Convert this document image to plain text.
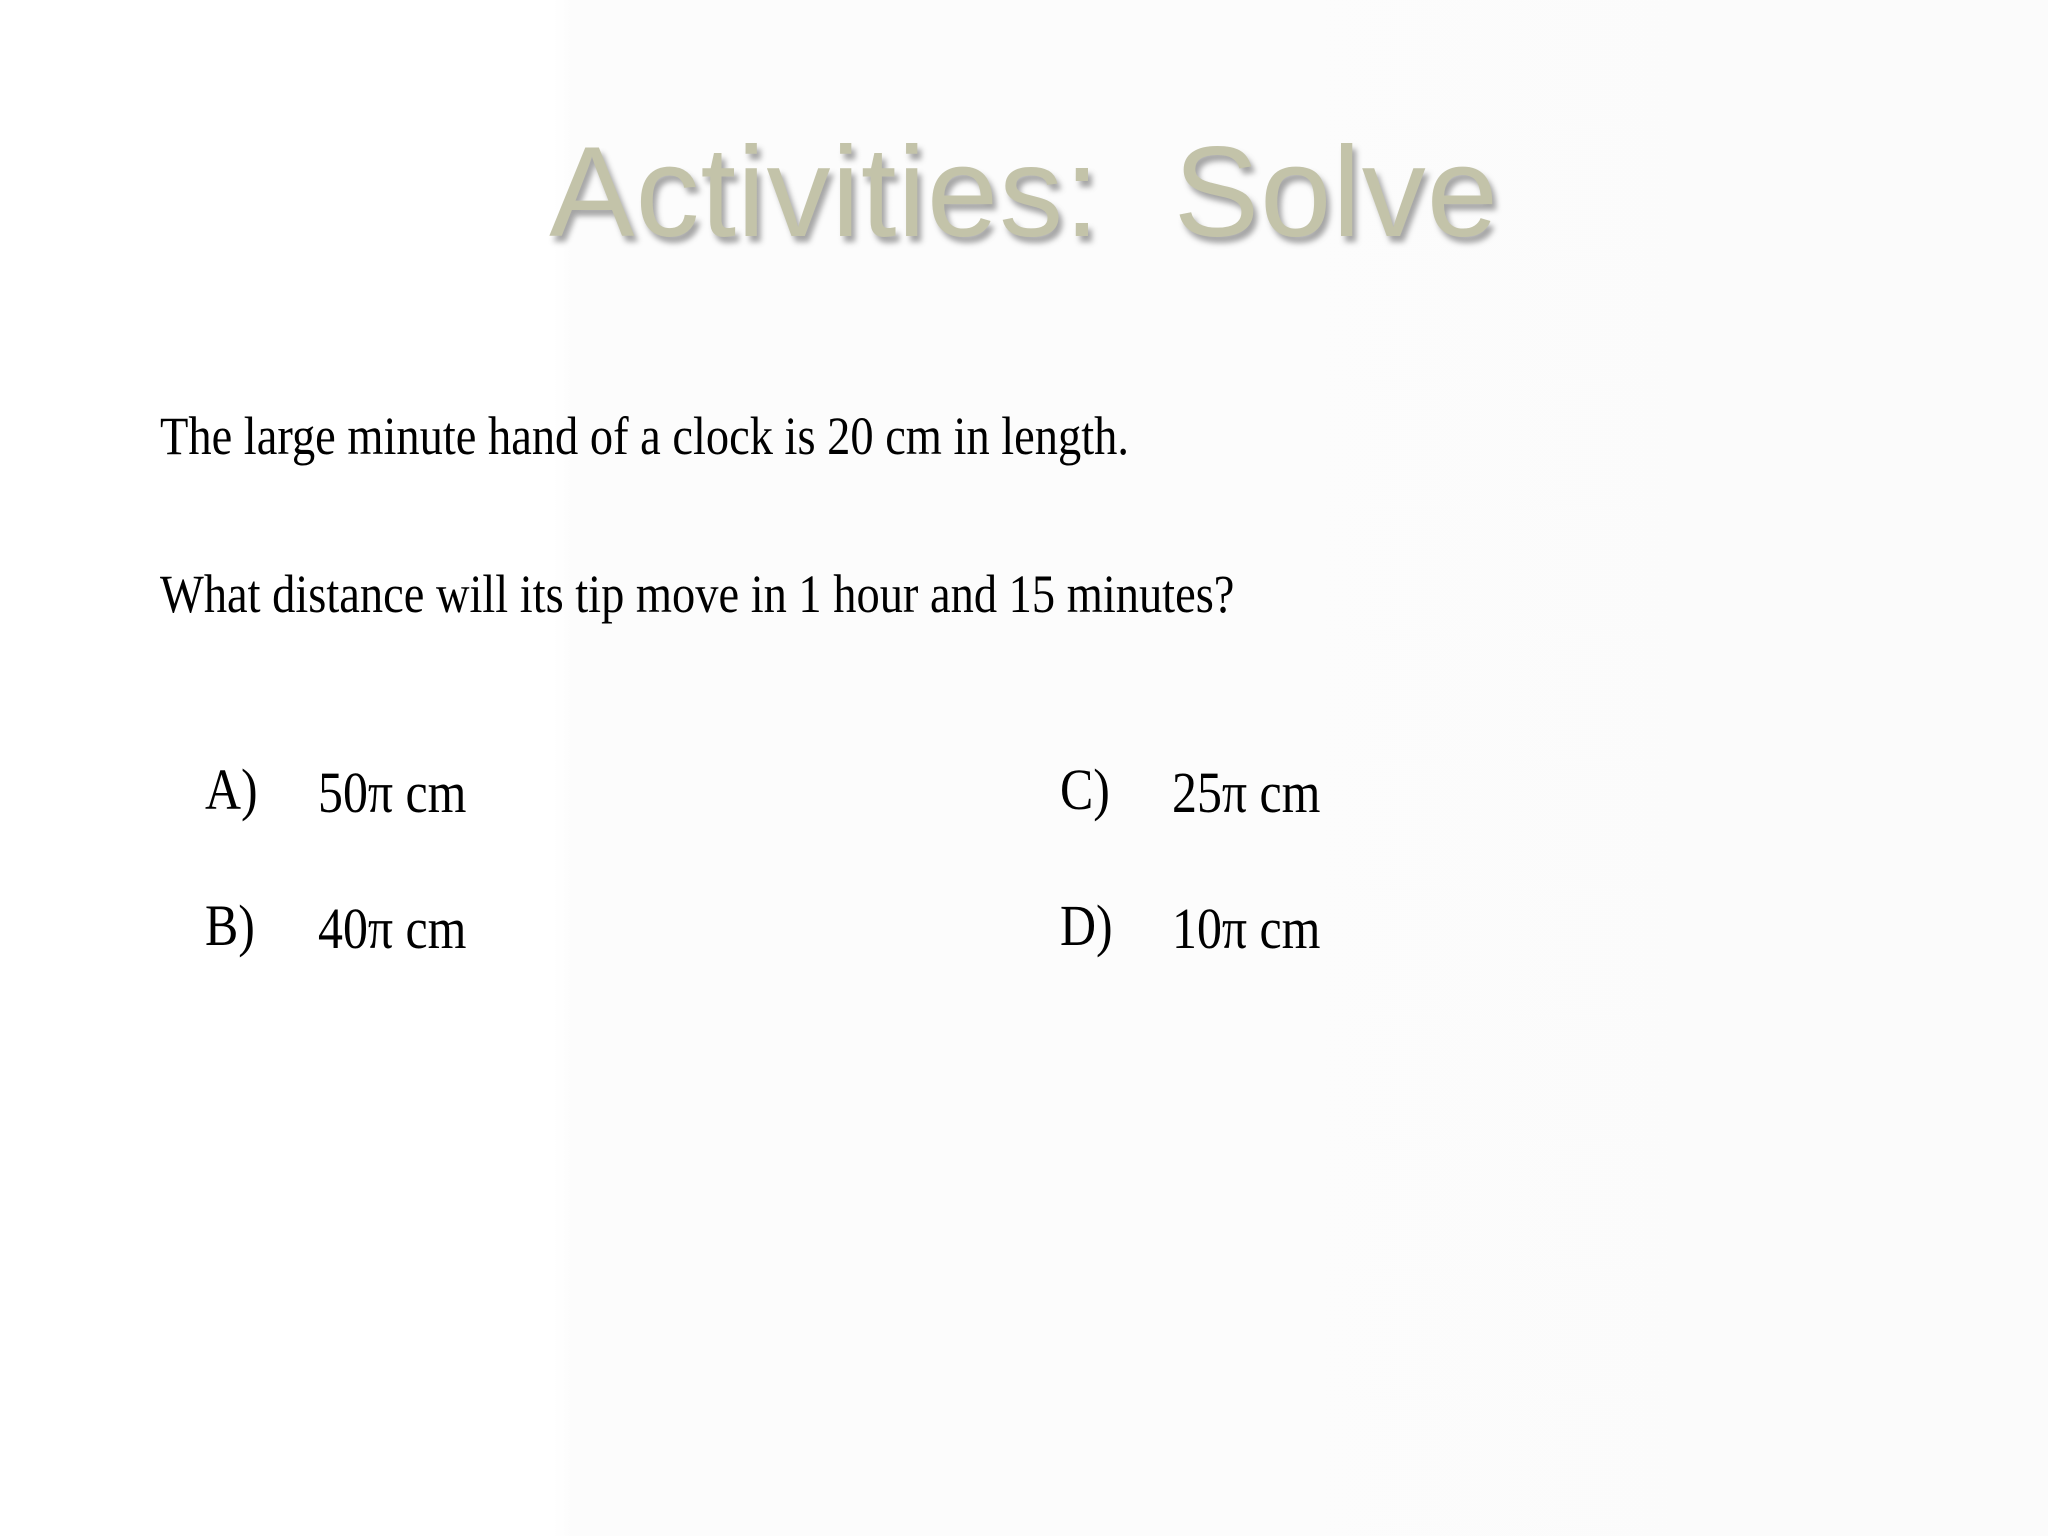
Activities:  Solve
The large minute hand of a clock is 20 cm in length.
What distance will its tip move in 1 hour and 15 minutes?
A) 50π cm
B) 40π cm
C) 25π cm
D) 10π cm
